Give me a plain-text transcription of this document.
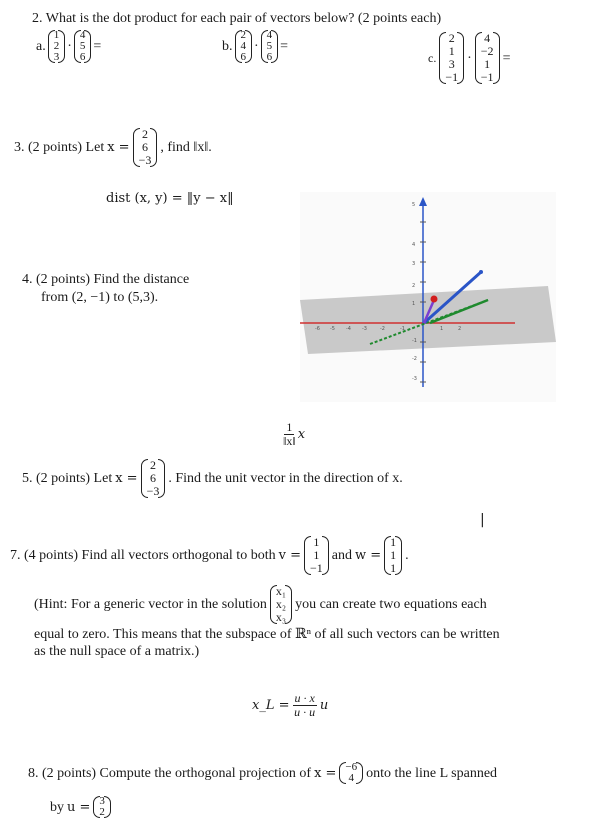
2. What is the dot product for each pair of vectors below? (2 points each)
a.
1
2
3
·
4
5
6
=	b.
2
4
6
·
4
5
6
=
c.
2
1
3
−1
·
4
−2
1
−1
=
3. (2 points) Let x =
2
6
−3
, find ‖x‖.
dist (x, y) = ‖y − x‖
4. (2 points) Find the distance
from (2, −1) to (5,3).
5
4
3
2
1
-1
-2
-3
-6 -5 -4 -3	-2	-1	1	2
$\frac{1}{‖x‖}$ x
5. (2 points) Let x =
2
6
−3
. Find the unit vector in the direction of x.
|
7. (4 points) Find all vectors orthogonal to both v =
1
1
−1
and w =
1
1
1
.
(Hint: For a generic vector in the solution
x₁
x₂
x₃
you can create two equations each
equal to zero. This means that the subspace of ℝⁿ of all such vectors can be written
as the null space of a matrix.)
x_L = $\frac{u \cdot x}{u \cdot u}$ u
8. (2 points) Compute the orthogonal projection of x = −6
4 onto the line L spanned
by u = 3
2
